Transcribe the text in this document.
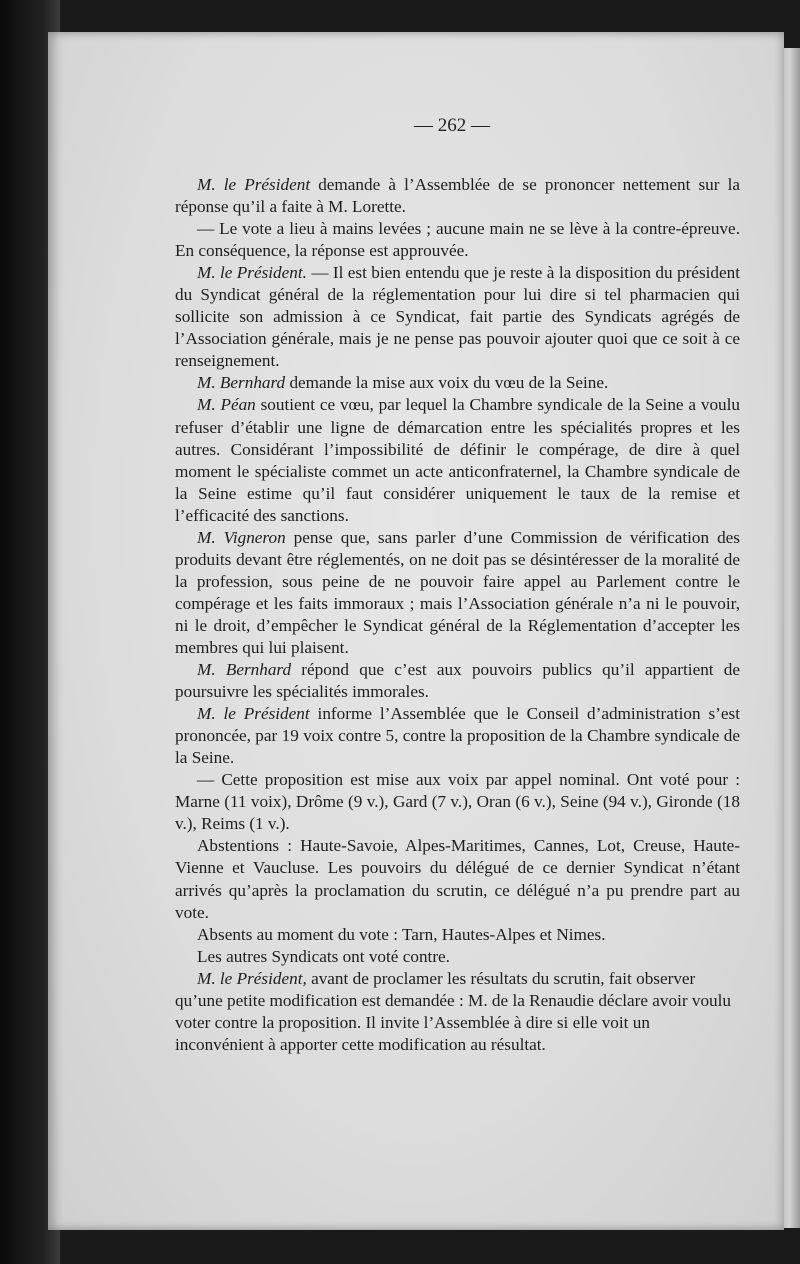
— 262 —

M. le Président demande à l’Assemblée de se prononcer nettement sur la réponse qu’il a faite à M. Lorette.

— Le vote a lieu à mains levées ; aucune main ne se lève à la contre-épreuve. En conséquence, la réponse est approuvée.

M. le Président. — Il est bien entendu que je reste à la disposition du président du Syndicat général de la réglementation pour lui dire si tel pharmacien qui sollicite son admission à ce Syndicat, fait partie des Syndicats agrégés de l’Association générale, mais je ne pense pas pouvoir ajouter quoi que ce soit à ce renseignement.

M. Bernhard demande la mise aux voix du vœu de la Seine.

M. Péan soutient ce vœu, par lequel la Chambre syndicale de la Seine a voulu refuser d’établir une ligne de démarcation entre les spécialités propres et les autres. Considérant l’impossibilité de définir le compérage, de dire à quel moment le spécialiste commet un acte anticonfraternel, la Chambre syndicale de la Seine estime qu’il faut considérer uniquement le taux de la remise et l’efficacité des sanctions.

M. Vigneron pense que, sans parler d’une Commission de vérification des produits devant être réglementés, on ne doit pas se désintéresser de la moralité de la profession, sous peine de ne pouvoir faire appel au Parlement contre le compérage et les faits immoraux ; mais l’Association générale n’a ni le pouvoir, ni le droit, d’empêcher le Syndicat général de la Réglementation d’accepter les membres qui lui plaisent.

M. Bernhard répond que c’est aux pouvoirs publics qu’il appartient de poursuivre les spécialités immorales.

M. le Président informe l’Assemblée que le Conseil d’administration s’est prononcée, par 19 voix contre 5, contre la proposition de la Chambre syndicale de la Seine.

— Cette proposition est mise aux voix par appel nominal. Ont voté pour : Marne (11 voix), Drôme (9 v.), Gard (7 v.), Oran (6 v.), Seine (94 v.), Gironde (18 v.), Reims (1 v.).

Abstentions : Haute-Savoie, Alpes-Maritimes, Cannes, Lot, Creuse, Haute-Vienne et Vaucluse. Les pouvoirs du délégué de ce dernier Syndicat n’étant arrivés qu’après la proclamation du scrutin, ce délégué n’a pu prendre part au vote.

Absents au moment du vote : Tarn, Hautes-Alpes et Nimes.

Les autres Syndicats ont voté contre.

M. le Président, avant de proclamer les résultats du scrutin, fait observer qu’une petite modification est demandée : M. de la Renaudie déclare avoir voulu voter contre la proposition. Il invite l’Assemblée à dire si elle voit un inconvénient à apporter cette modification au résultat.
